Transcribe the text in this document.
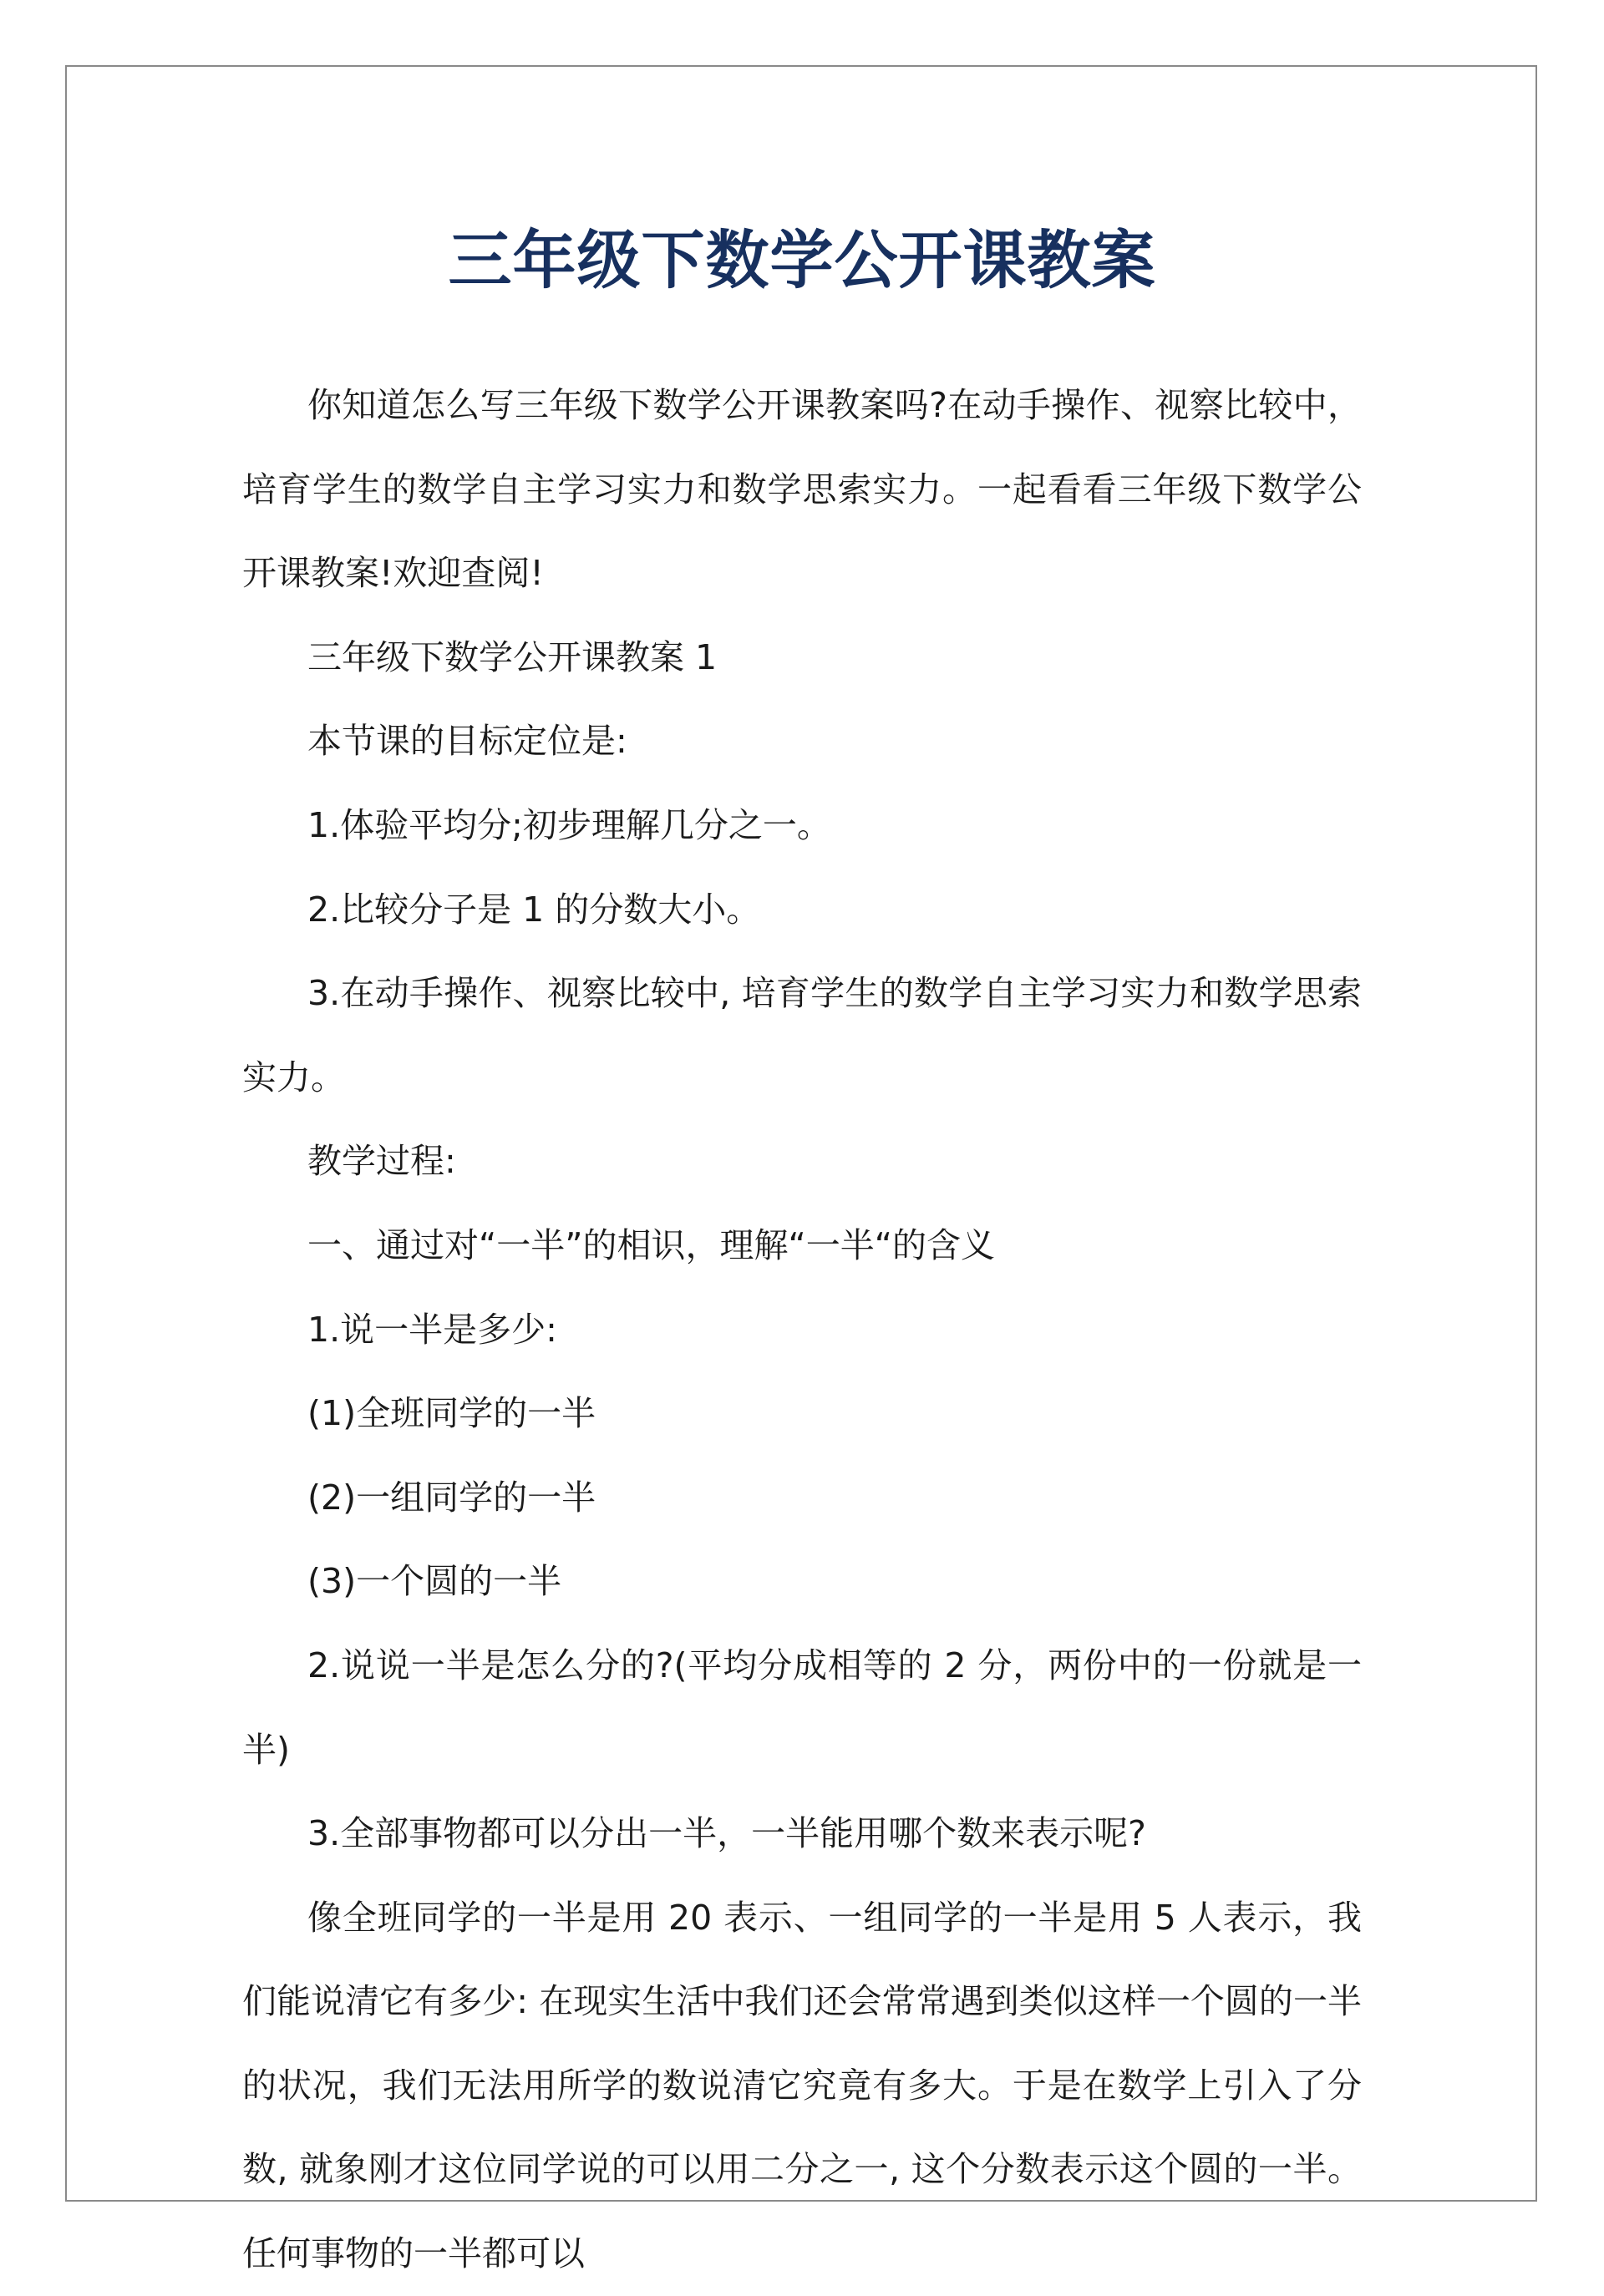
三年级下数学公开课教案

你知道怎么写三年级下数学公开课教案吗?在动手操作、视察比较中，培育学生的数学自主学习实力和数学思索实力。一起看看三年级下数学公开课教案!欢迎查阅!

三年级下数学公开课教案 1

本节课的目标定位是:

1.体验平均分;初步理解几分之一。

2.比较分子是 1 的分数大小。

3.在动手操作、视察比较中, 培育学生的数学自主学习实力和数学思索实力。

教学过程:

一、通过对“一半”的相识，理解“一半“的含义

1.说一半是多少:

(1)全班同学的一半

(2)一组同学的一半

(3)一个圆的一半

2.说说一半是怎么分的?(平均分成相等的 2 分，两份中的一份就是一半)

3.全部事物都可以分出一半，一半能用哪个数来表示呢?

像全班同学的一半是用 20 表示、一组同学的一半是用 5 人表示，我们能说清它有多少: 在现实生活中我们还会常常遇到类似这样一个圆的一半的状况，我们无法用所学的数说清它究竟有多大。于是在数学上引入了分数, 就象刚才这位同学说的可以用二分之一, 这个分数表示这个圆的一半。任何事物的一半都可以
